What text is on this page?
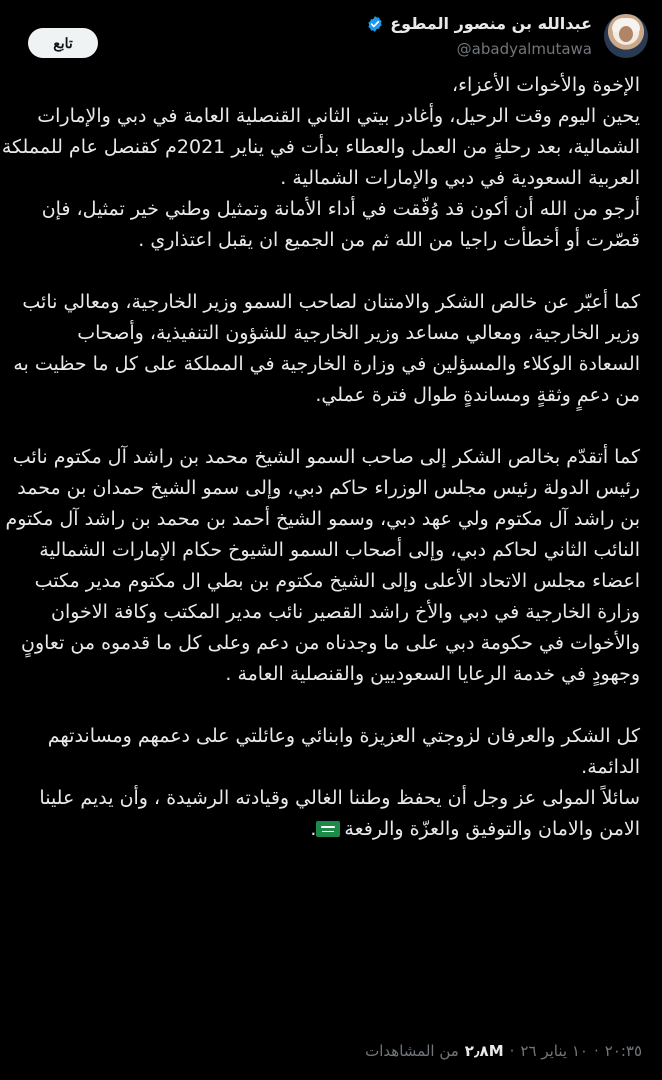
عبدالله بن منصور المطوع
@abadyalmutawa
تابع
الإخوة والأخوات الأعزاء،
يحين اليوم وقت الرحيل، وأغادر بيتي الثاني القنصلية العامة في دبي والإمارات
الشمالية، بعد رحلةٍ من العمل والعطاء بدأت في يناير 2021م كقنصل عام للمملكة
العربية السعودية في دبي والإمارات الشمالية .
أرجو من الله أن أكون قد وُفّقت في أداء الأمانة وتمثيل وطني خير تمثيل، فإن
قصّرت أو أخطأت راجيا من الله ثم من الجميع ان يقبل اعتذاري .
كما أعبّر عن خالص الشكر والامتنان لصاحب السمو وزير الخارجية، ومعالي نائب
وزير الخارجية، ومعالي مساعد وزير الخارجية للشؤون التنفيذية، وأصحاب
السعادة الوكلاء والمسؤلين في وزارة الخارجية في المملكة على كل ما حظيت به
من دعمٍ وثقةٍ ومساندةٍ طوال فترة عملي.
كما أتقدّم بخالص الشكر إلى صاحب السمو الشيخ محمد بن راشد آل مكتوم نائب
رئيس الدولة رئيس مجلس الوزراء حاكم دبي، وإلى سمو الشيخ حمدان بن محمد
بن راشد آل مكتوم ولي عهد دبي، وسمو الشيخ أحمد بن محمد بن راشد آل مكتوم
النائب الثاني لحاكم دبي، وإلى أصحاب السمو الشيوخ حكام الإمارات الشمالية
اعضاء مجلس الاتحاد الأعلى وإلى الشيخ مكتوم بن بطي ال مكتوم مدير مكتب
وزارة الخارجية في دبي والأخ راشد القصير نائب مدير المكتب وكافة الاخوان
والأخوات في حكومة دبي على ما وجدناه من دعم وعلى كل ما قدموه من تعاونٍ
وجهودٍ في خدمة الرعايا السعوديين والقنصلية العامة .
كل الشكر والعرفان لزوجتي العزيزة وابنائي وعائلتي على دعمهم ومساندتهم
الدائمة.
سائلاً المولى عز وجل أن يحفظ وطننا الغالي وقيادته الرشيدة ، وأن يديم علينا
الامن والامان والتوفيق والعزّة والرفعة.
٢٠:٣٥
·
١٠ يناير ٢٦
·
٢٫٨M
من المشاهدات
